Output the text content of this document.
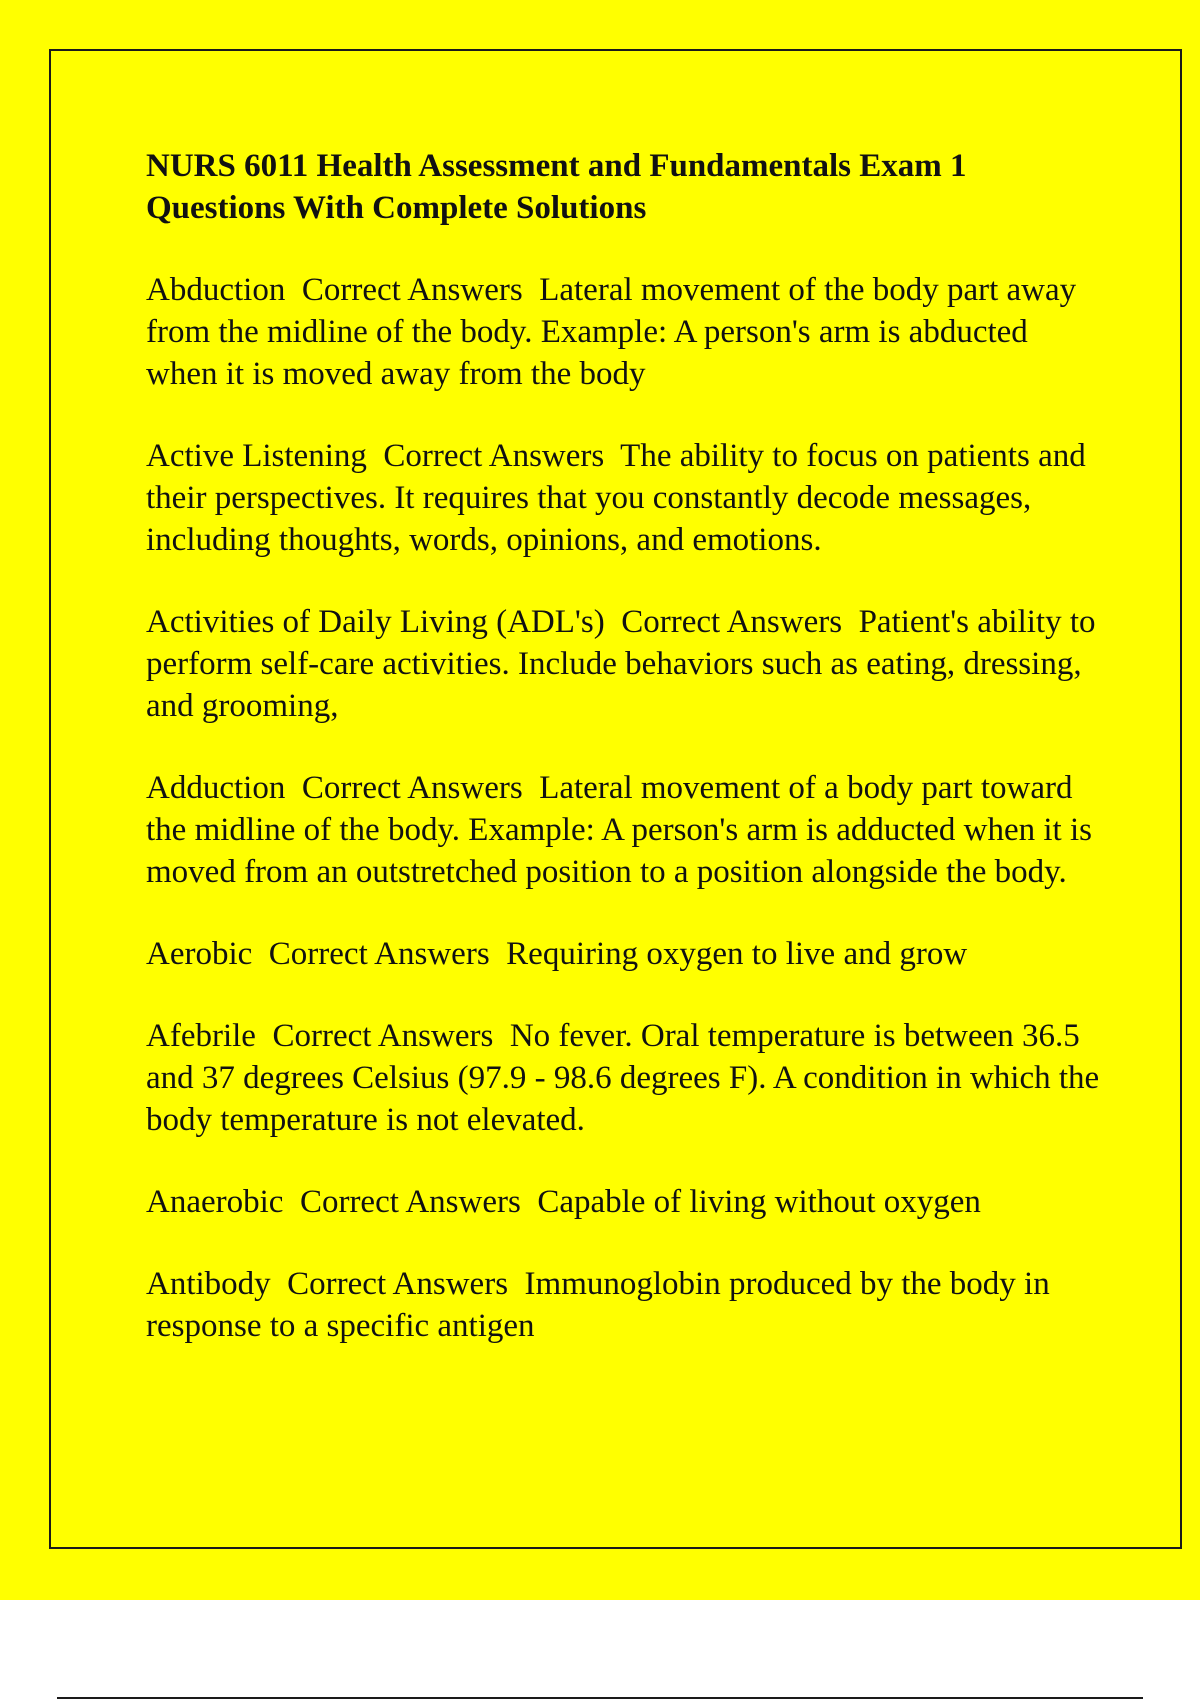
NURS 6011 Health Assessment and Fundamentals Exam 1 Questions With Complete Solutions
Abduction Correct Answers Lateral movement of the body part away from the midline of the body. Example: A person's arm is abducted when it is moved away from the body
Active Listening Correct Answers The ability to focus on patients and their perspectives. It requires that you constantly decode messages, including thoughts, words, opinions, and emotions.
Activities of Daily Living (ADL's) Correct Answers Patient's ability to perform self-care activities. Include behaviors such as eating, dressing, and grooming,
Adduction Correct Answers Lateral movement of a body part toward the midline of the body. Example: A person's arm is adducted when it is moved from an outstretched position to a position alongside the body.
Aerobic Correct Answers Requiring oxygen to live and grow
Afebrile Correct Answers No fever. Oral temperature is between 36.5 and 37 degrees Celsius (97.9 - 98.6 degrees F). A condition in which the body temperature is not elevated.
Anaerobic Correct Answers Capable of living without oxygen
Antibody Correct Answers Immunoglobin produced by the body in response to a specific antigen
